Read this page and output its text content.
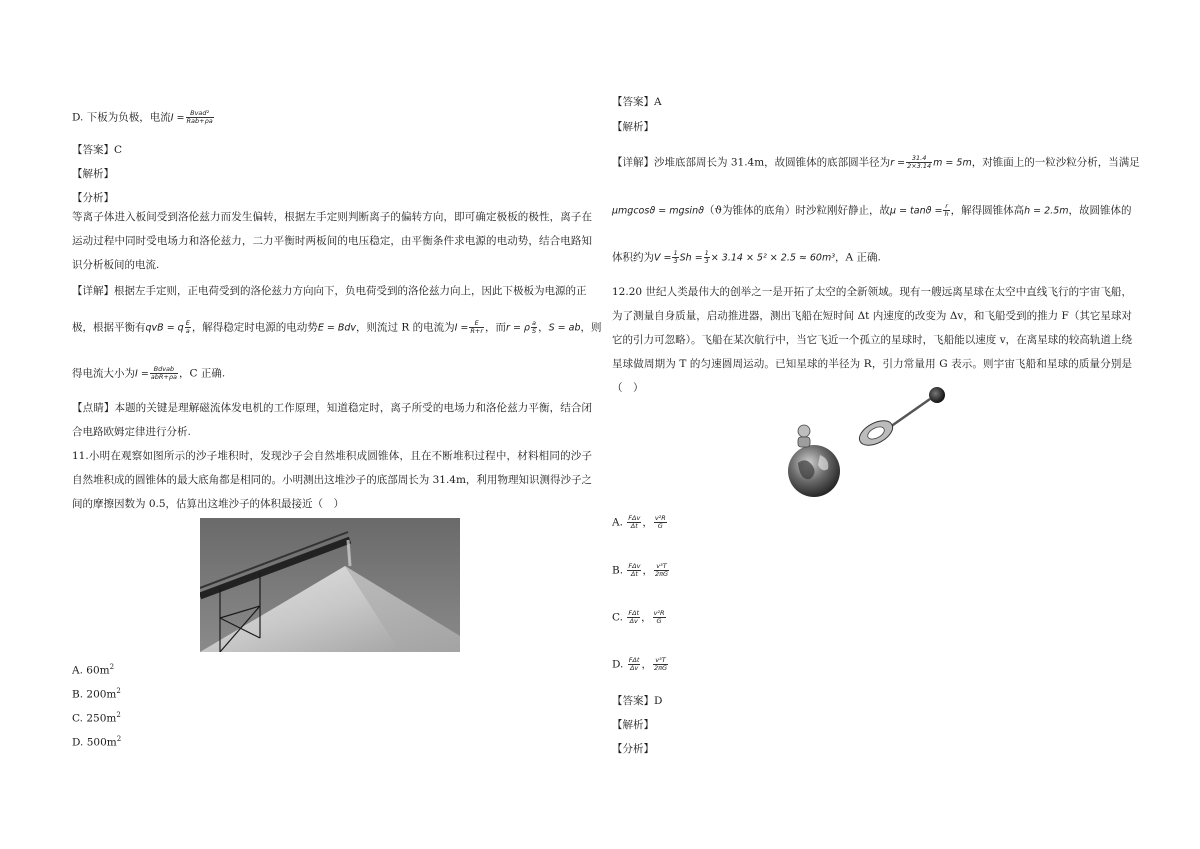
D. 下板为负极，电流$I = \frac{\text{Bvad²}}{\text{Rab+ρa}}$
【答案】C
【解析】
【分析】
等离子体进入板间受到洛伦兹力而发生偏转，根据左手定则判断离子的偏转方向，即可确定极板的极性，离子在运动过程中同时受电场力和洛伦兹力，二力平衡时两板间的电压稳定，由平衡条件求电源的电动势，结合电路知识分析板间的电流.
【详解】根据左手定则，正电荷受到的洛伦兹力方向向下，负电荷受到的洛伦兹力向上，因此下极板为电源的正
极，根据平衡有qvB = q $\frac{E}{a}$ ，解得稳定时电源的电动势E = Bdv，则流过 R 的电流为$I = \frac{E}{R+r}$ ，而r = ρ $\frac{a}{S}$ ，S = ab，则
得电流大小为$I = \frac{\text{Bdvab}}{\text{abR+ρa}}$ ，C 正确.
【点睛】本题的关键是理解磁流体发电机的工作原理，知道稳定时，离子所受的电场力和洛伦兹力平衡，结合闭合电路欧姆定律进行分析.
11.小明在观察如图所示的沙子堆积时，发现沙子会自然堆积成圆锥体，且在不断堆积过程中，材料相同的沙子自然堆积成的圆锥体的最大底角都是相同的。小明测出这堆沙子的底部周长为 31.4m，利用物理知识测得沙子之间的摩擦因数为 0.5，估算出这堆沙子的体积最接近（　）
A. $60m^2$
B. $200m^2$
C. $250m^2$
D. $500m^2$
【答案】A
【解析】
【详解】沙堆底部周长为 31.4m，故圆锥体的底部圆半径为$r = \frac{31.4}{2\times 3.14}$ m = 5m，对锥面上的一粒沙粒分析，当满足
μmgcosϑ = mgsinϑ（ϑ为锥体的底角）时沙粒刚好静止，故$\mu = \tan ϑ = \frac{r}{h}$ ，解得圆锥体高h = 2.5m，故圆锥体的
体积约为$V = \frac{1}{3}$ $Sh = \frac{1}{3} \times 3.14 \times 5^2 \times 2.5 \approx 60m^3$，A 正确.
12.20 世纪人类最伟大的创举之一是开拓了太空的全新领域。现有一艘远离星球在太空中直线飞行的宇宙飞船，为了测量自身质量，启动推进器，测出飞船在短时间 Δt 内速度的改变为 Δv，和飞船受到的推力 F（其它星球对它的引力可忽略）。飞船在某次航行中，当它飞近一个孤立的星球时，飞船能以速度 v，在离星球的较高轨道上绕星球做周期为 T 的匀速圆周运动。已知星球的半径为 R，引力常量用 G 表示。则宇宙飞船和星球的质量分别是（　）
A. $\frac{\text{FΔv}}{\Delta t}$ ， $\frac{\text{v²R}}{G}$
B. $\frac{\text{FΔv}}{\Delta t}$ ， $\frac{\text{v³T}}{2\pi G}$
C. $\frac{\text{FΔt}}{\Delta v}$ ， $\frac{\text{v²R}}{G}$
D. $\frac{\text{FΔt}}{\Delta v}$ ， $\frac{\text{v³T}}{2\pi G}$
【答案】D
【解析】
【分析】
